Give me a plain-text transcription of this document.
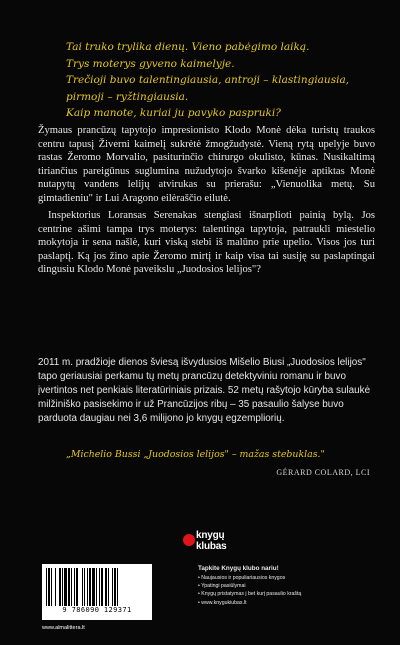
Tai truko trylika dienų. Vieno pabėgimo laiką.
Trys moterys gyveno kaimelyje.
Trečioji buvo talentingiausia, antroji – klastingiausia,
pirmoji – ryžtingiausia.
Kaip manote, kuriai ju pavyko paspruki?

Žymaus prancūzų tapytojo impresionisto Klodo Monė dėka turistų traukos centru tapusį Živerni kaimelį sukrėtė žmogžudystė. Vieną rytą upelyje buvo rastas Žeromo Morvalio, pasiturinčio chirurgo okulisto, kūnas. Nusikaltimą tiriančius pareigūnus suglumina nužudytojo švarko kišenėje aptiktas Monė nutapytų vandens lelijų atvirukas su prierašu: „Vienuolika metų. Su gimtadieniu" ir Lui Aragono eilėraščio eilutė.

Inspektorius Loransas Serenakas stengiasi išnarplioti painią bylą. Jos centrine ašimi tampa trys moterys: talentinga tapytoja, patraukli miestelio mokytoja ir sena našlė, kuri viską stebi iš malūno prie upelio. Visos jos turi paslaptį. Ką jos žino apie Žeromo mirtį ir kaip visa tai susiję su paslaptingai dingusiu Klodo Monė paveikslu „Juodosios lelijos"?

2011 m. pradžioje dienos šviesą išvydusios Mišelio Biusi „Juodosios lelijos" tapo geriausiai perkamu tų metų prancūzų detektyviniu romanu ir buvo įvertintos net penkiais literatūriniais prizais. 52 metų rašytojo kūryba sulaukė milžiniško pasisekimo ir už Prancūzijos ribų – 35 pasaulio šalyse buvo parduota daugiau nei 3,6 milijono jo knygų egzempliorių.
„Michelio Bussi „Juodosios lelijos" – mažas stebuklas."
GÉRARD COLARD, LCI
knygų
klubas
Tapkite Knygų klubo nariu!
• Naujausios ir populiariausios knygos
• Ypatingi pasiūlymai
• Knygų pristatymas į bet kurį pasaulio kraštą
• www.knygukiubas.lt
9 786090 129371
www.almalittera.lt
